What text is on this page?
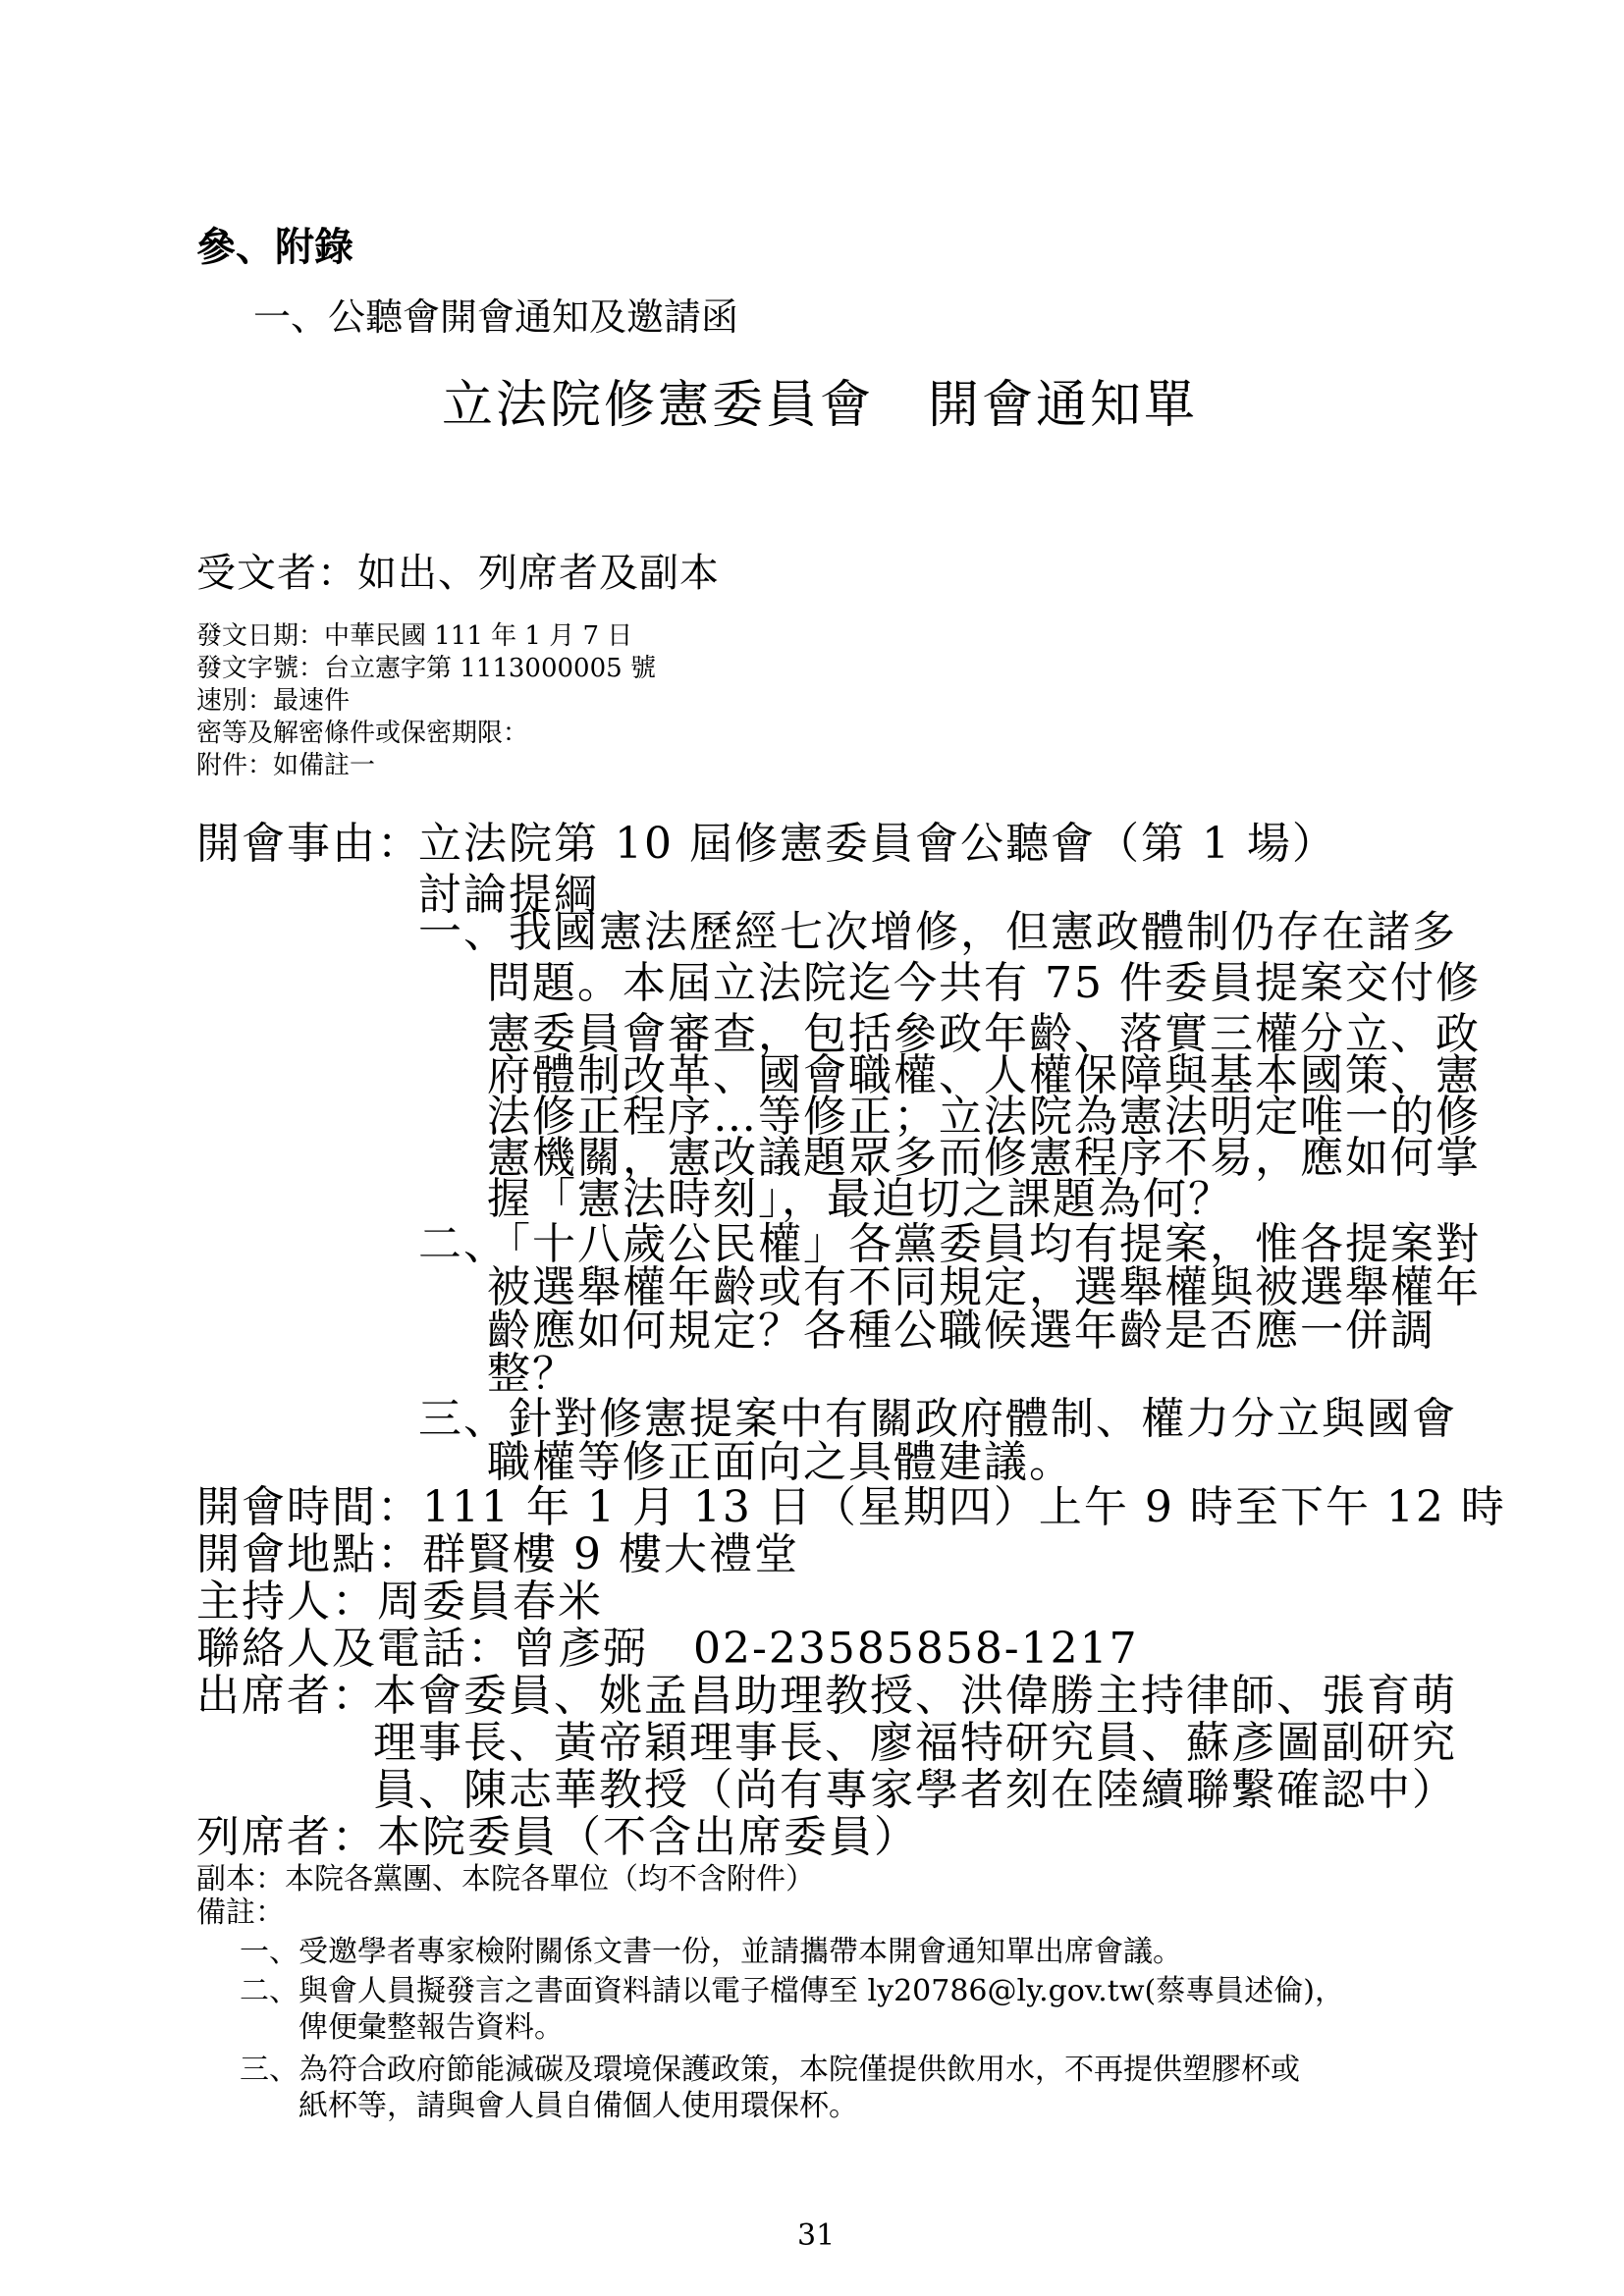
參、附錄
一、公聽會開會通知及邀請函
立法院修憲委員會　開會通知單
受文者：如出、列席者及副本
發文日期：中華民國 111 年 1 月 7 日
發文字號：台立憲字第 1113000005 號
速別：最速件
密等及解密條件或保密期限：
附件：如備註一
開會事由：
立法院第 10 屆修憲委員會公聽會（第 1 場）
討論提綱
一、我國憲法歷經七次增修，但憲政體制仍存在諸多
問題。本屆立法院迄今共有 75 件委員提案交付修
憲委員會審查，包括參政年齡、落實三權分立、政
府體制改革、國會職權、人權保障與基本國策、憲
法修正程序…等修正；立法院為憲法明定唯一的修
憲機關，憲改議題眾多而修憲程序不易，應如何掌
握「憲法時刻」，最迫切之課題為何？
二、「十八歲公民權」各黨委員均有提案，惟各提案對
被選舉權年齡或有不同規定，選舉權與被選舉權年
齡應如何規定？各種公職候選年齡是否應一併調
整？
三、針對修憲提案中有關政府體制、權力分立與國會
職權等修正面向之具體建議。
開會時間：111 年 1 月 13 日（星期四）上午 9 時至下午 12 時
開會地點：群賢樓 9 樓大禮堂
主持人：周委員春米
聯絡人及電話：曾彥弼　02-23585858-1217
出席者：
本會委員、姚孟昌助理教授、洪偉勝主持律師、張育萌
理事長、黃帝穎理事長、廖福特研究員、蘇彥圖副研究
員、陳志華教授（尚有專家學者刻在陸續聯繫確認中）
列席者：本院委員（不含出席委員）
副本：本院各黨團、本院各單位（均不含附件）
備註：
一、受邀學者專家檢附關係文書一份，並請攜帶本開會通知單出席會議。
二、與會人員擬發言之書面資料請以電子檔傳至 ly20786@ly.gov.tw(蔡專員述倫)，
俾便彙整報告資料。
三、為符合政府節能減碳及環境保護政策，本院僅提供飲用水，不再提供塑膠杯或
紙杯等，請與會人員自備個人使用環保杯。
31
